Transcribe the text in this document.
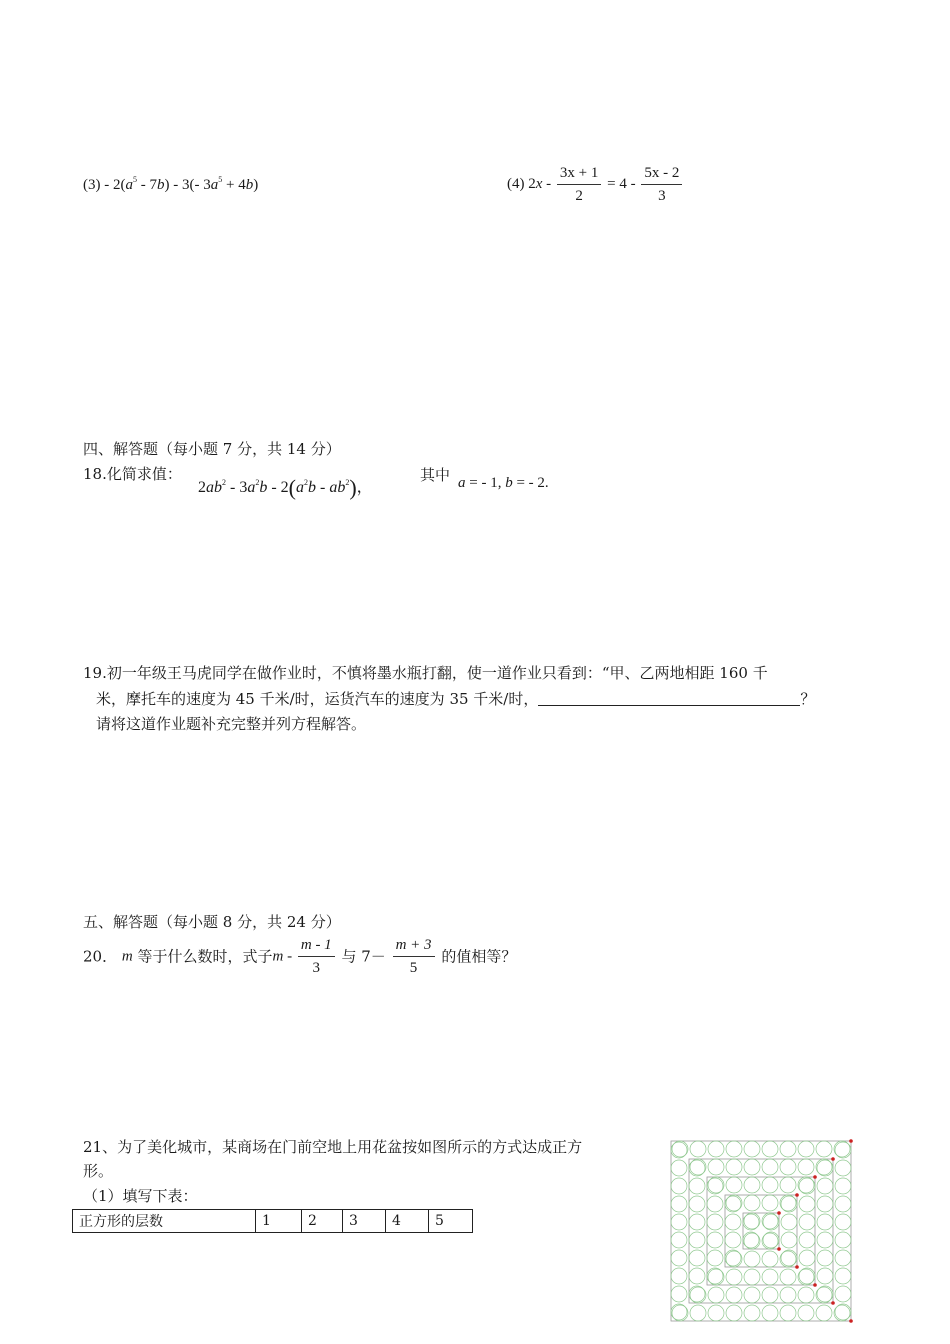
$(3) - 2(a^5 - 7b) - 3(-$ $3a^5 + 4b$)	(4) $2x - \frac{3x + 1}{2} = 4 - \frac{5x - 2}{3}$
四、解答题（每小题 7 分，共 14 分）
18.化简求值：
$2ab^2 - 3a^2b - 2(a^2b - ab^2)$，
其中 a = - 1, b = - 2.
19.初一年级王马虎同学在做作业时，不慎将墨水瓶打翻，使一道作业只看到：“甲、乙两地相距 160 千
米，摩托车的速度为 45 千米/时，运货汽车的速度为 35 千米/时，	？
请将这道作业题补充完整并列方程解答。
五、解答题（每小题 8 分，共 24 分）
20． m 等于什么数时，式子m - $\frac{m - 1}{3}$ 与 $7- \frac{m + 3}{5}$ 的值相等？
21、为了美化城市，某商场在门前空地上用花盆按如图所示的方式达成正方
形。
（1）填写下表：
正方形的层数	1	2	3	4	5
